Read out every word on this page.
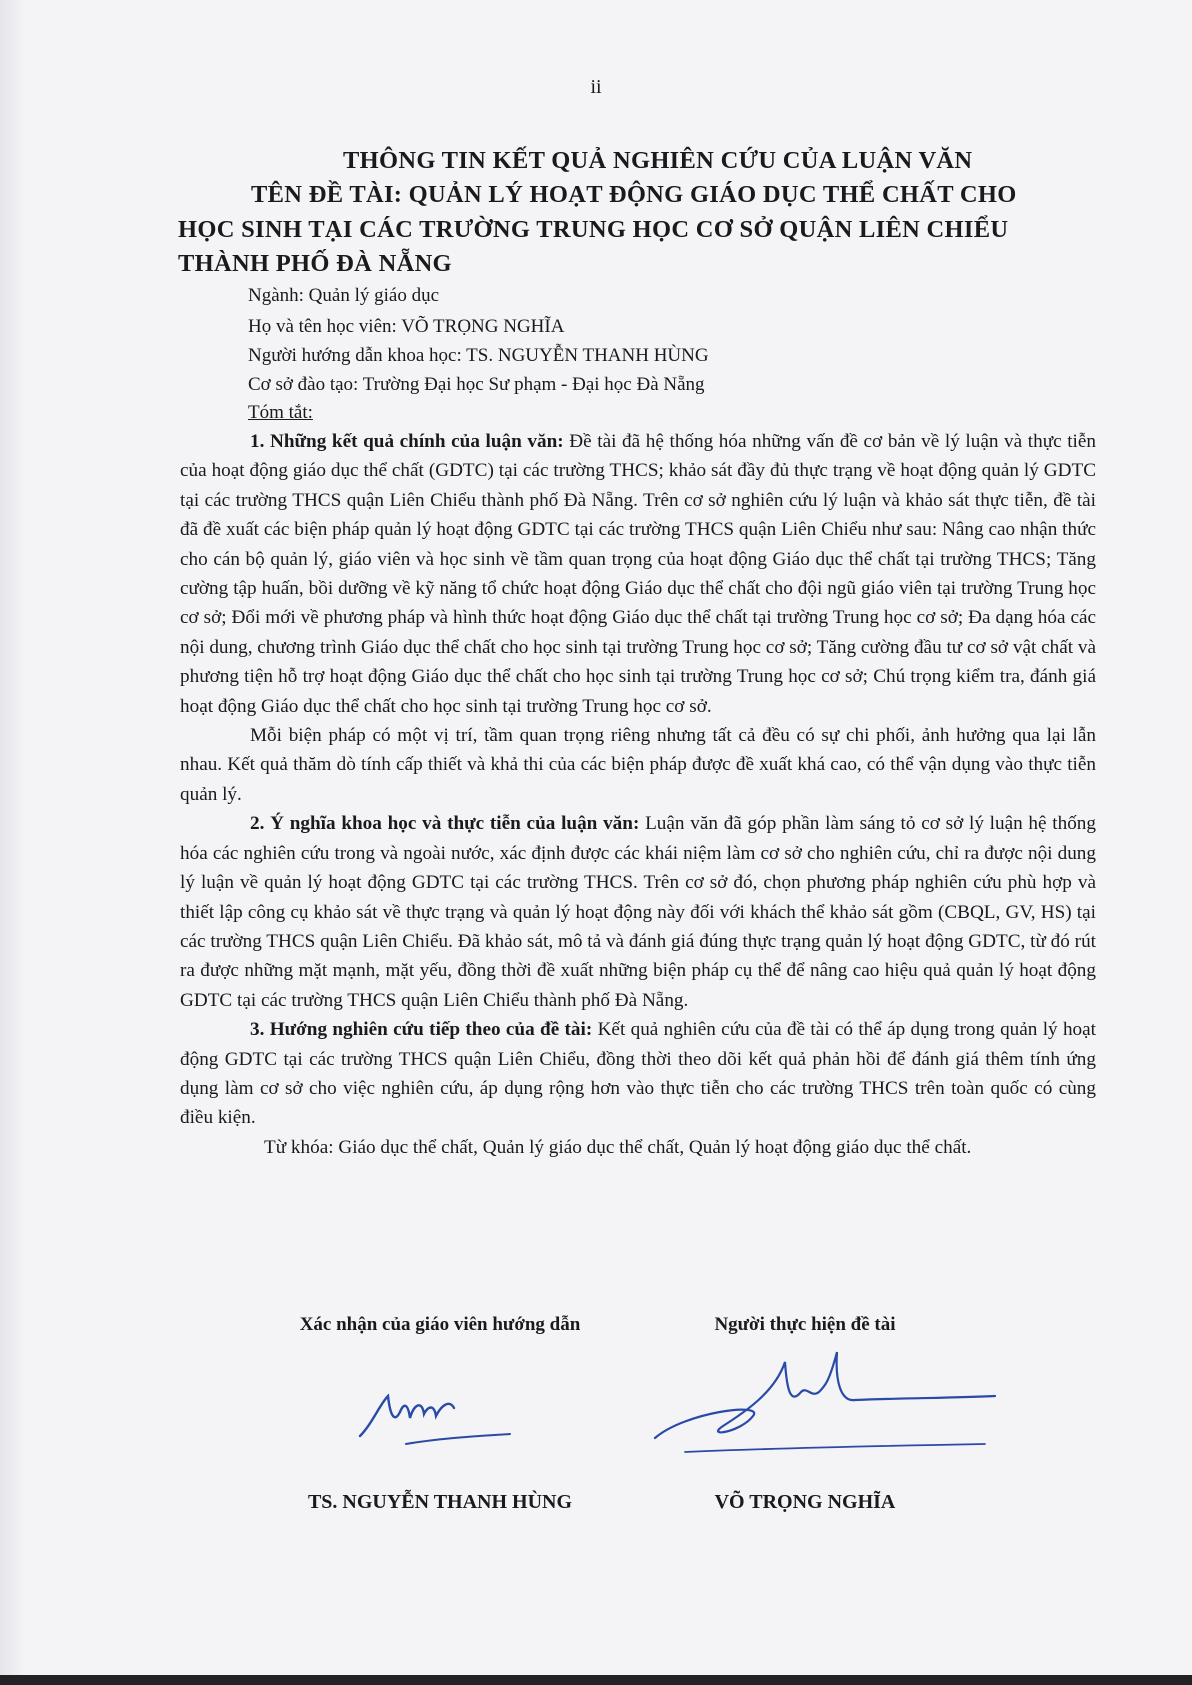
ii
THÔNG TIN KẾT QUẢ NGHIÊN CỨU CỦA LUẬN VĂN
TÊN ĐỀ TÀI: QUẢN LÝ HOẠT ĐỘNG GIÁO DỤC THỂ CHẤT CHO
HỌC SINH TẠI CÁC TRƯỜNG TRUNG HỌC CƠ SỞ QUẬN LIÊN CHIỂU
THÀNH PHỐ ĐÀ NẴNG
Ngành: Quản lý giáo dục
Họ và tên học viên: VÕ TRỌNG NGHĨA
Người hướng dẫn khoa học: TS. NGUYỄN THANH HÙNG
Cơ sở đào tạo: Trường Đại học Sư phạm - Đại học Đà Nẵng
Tóm tắt:

1. Những kết quả chính của luận văn: Đề tài đã hệ thống hóa những vấn đề cơ bản về lý luận và thực tiễn của hoạt động giáo dục thể chất (GDTC) tại các trường THCS; khảo sát đầy đủ thực trạng về hoạt động quản lý GDTC tại các trường THCS quận Liên Chiểu thành phố Đà Nẵng. Trên cơ sở nghiên cứu lý luận và khảo sát thực tiễn, đề tài đã đề xuất các biện pháp quản lý hoạt động GDTC tại các trường THCS quận Liên Chiểu như sau: Nâng cao nhận thức cho cán bộ quản lý, giáo viên và học sinh về tầm quan trọng của hoạt động Giáo dục thể chất tại trường THCS; Tăng cường tập huấn, bồi dưỡng về kỹ năng tổ chức hoạt động Giáo dục thể chất cho đội ngũ giáo viên tại trường Trung học cơ sở; Đổi mới về phương pháp và hình thức hoạt động Giáo dục thể chất tại trường Trung học cơ sở; Đa dạng hóa các nội dung, chương trình Giáo dục thể chất cho học sinh tại trường Trung học cơ sở; Tăng cường đầu tư cơ sở vật chất và phương tiện hỗ trợ hoạt động Giáo dục thể chất cho học sinh tại trường Trung học cơ sở; Chú trọng kiểm tra, đánh giá hoạt động Giáo dục thể chất cho học sinh tại trường Trung học cơ sở.

Mỗi biện pháp có một vị trí, tầm quan trọng riêng nhưng tất cả đều có sự chi phối, ảnh hưởng qua lại lẫn nhau. Kết quả thăm dò tính cấp thiết và khả thi của các biện pháp được đề xuất khá cao, có thể vận dụng vào thực tiễn quản lý.

2. Ý nghĩa khoa học và thực tiễn của luận văn: Luận văn đã góp phần làm sáng tỏ cơ sở lý luận hệ thống hóa các nghiên cứu trong và ngoài nước, xác định được các khái niệm làm cơ sở cho nghiên cứu, chỉ ra được nội dung lý luận về quản lý hoạt động GDTC tại các trường THCS. Trên cơ sở đó, chọn phương pháp nghiên cứu phù hợp và thiết lập công cụ khảo sát về thực trạng và quản lý hoạt động này đối với khách thể khảo sát gồm (CBQL, GV, HS) tại các trường THCS quận Liên Chiểu. Đã khảo sát, mô tả và đánh giá đúng thực trạng quản lý hoạt động GDTC, từ đó rút ra được những mặt mạnh, mặt yếu, đồng thời đề xuất những biện pháp cụ thể để nâng cao hiệu quả quản lý hoạt động GDTC tại các trường THCS quận Liên Chiểu thành phố Đà Nẵng.

3. Hướng nghiên cứu tiếp theo của đề tài: Kết quả nghiên cứu của đề tài có thể áp dụng trong quản lý hoạt động GDTC tại các trường THCS quận Liên Chiểu, đồng thời theo dõi kết quả phản hồi để đánh giá thêm tính ứng dụng làm cơ sở cho việc nghiên cứu, áp dụng rộng hơn vào thực tiễn cho các trường THCS trên toàn quốc có cùng điều kiện.

Từ khóa: Giáo dục thể chất, Quản lý giáo dục thể chất, Quản lý hoạt động giáo dục thể chất.

Xác nhận của giáo viên hướng dẫn
TS. NGUYỄN THANH HÙNG
Người thực hiện đề tài
VÕ TRỌNG NGHĨA
